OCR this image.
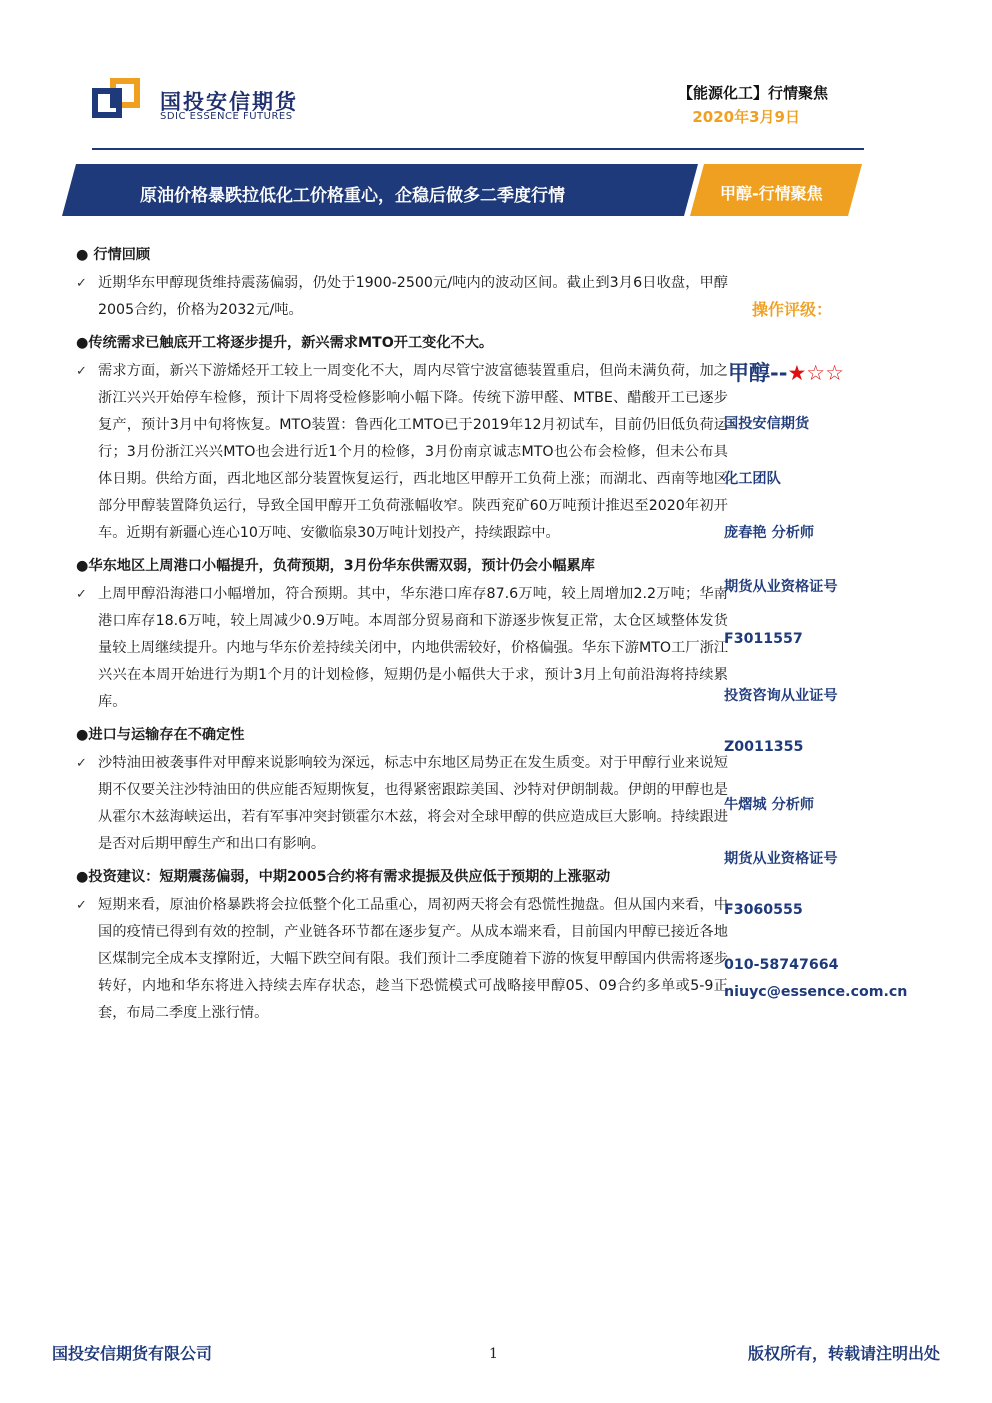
国投安信期货
SDIC ESSENCE FUTURES
【能源化工】行情聚焦
2020年3月9日
原油价格暴跌拉低化工价格重心，企稳后做多二季度行情	甲醇-行情聚焦
● 行情回顾
✓ 近期华东甲醇现货维持震荡偏弱，仍处于1900-2500元/吨内的波动区间。截止到3月6日收盘，甲醇2005合约，价格为2032元/吨。
●传统需求已触底开工将逐步提升，新兴需求MTO开工变化不大。
✓ 需求方面，新兴下游烯烃开工较上一周变化不大，周内尽管宁波富德装置重启，但尚未满负荷，加之浙江兴兴开始停车检修，预计下周将受检修影响小幅下降。传统下游甲醛、MTBE、醋酸开工已逐步复产，预计3月中旬将恢复。MTO装置：鲁西化工MTO已于2019年12月初试车，目前仍旧低负荷运行；3月份浙江兴兴MTO也会进行近1个月的检修，3月份南京诚志MTO也公布会检修，但未公布具体日期。供给方面，西北地区部分装置恢复运行，西北地区甲醇开工负荷上涨；而湖北、西南等地区部分甲醇装置降负运行，导致全国甲醇开工负荷涨幅收窄。陕西兖矿60万吨预计推迟至2020年初开车。近期有新疆心连心10万吨、安徽临泉30万吨计划投产，持续跟踪中。
●华东地区上周港口小幅提升，负荷预期，3月份华东供需双弱，预计仍会小幅累库
✓ 上周甲醇沿海港口小幅增加，符合预期。其中，华东港口库存87.6万吨，较上周增加2.2万吨；华南港口库存18.6万吨，较上周减少0.9万吨。本周部分贸易商和下游逐步恢复正常，太仓区域整体发货量较上周继续提升。内地与华东价差持续关闭中，内地供需较好，价格偏强。华东下游MTO工厂浙江兴兴在本周开始进行为期1个月的计划检修，短期仍是小幅供大于求，预计3月上旬前沿海将持续累库。
●进口与运输存在不确定性
✓ 沙特油田被袭事件对甲醇来说影响较为深远，标志中东地区局势正在发生质变。对于甲醇行业来说短期不仅要关注沙特油田的供应能否短期恢复，也得紧密跟踪美国、沙特对伊朗制裁。伊朗的甲醇也是从霍尔木兹海峡运出，若有军事冲突封锁霍尔木兹，将会对全球甲醇的供应造成巨大影响。持续跟进是否对后期甲醇生产和出口有影响。
●投资建议：短期震荡偏弱，中期2005合约将有需求提振及供应低于预期的上涨驱动
✓ 短期来看，原油价格暴跌将会拉低整个化工品重心，周初两天将会有恐慌性抛盘。但从国内来看，中国的疫情已得到有效的控制，产业链各环节都在逐步复产。从成本端来看，目前国内甲醇已接近各地区煤制完全成本支撑附近，大幅下跌空间有限。我们预计二季度随着下游的恢复甲醇国内供需将逐步转好，内地和华东将进入持续去库存状态，趁当下恐慌模式可战略接甲醇05、09合约多单或5-9正套，布局二季度上涨行情。
操作评级：
甲醇--★☆☆
国投安信期货
化工团队
庞春艳 分析师
期货从业资格证号
F3011557
投资咨询从业证号
Z0011355
牛熠城 分析师
期货从业资格证号
F3060555
010-58747664
niuyc@essence.com.cn
国投安信期货有限公司	1	版权所有，转载请注明出处
